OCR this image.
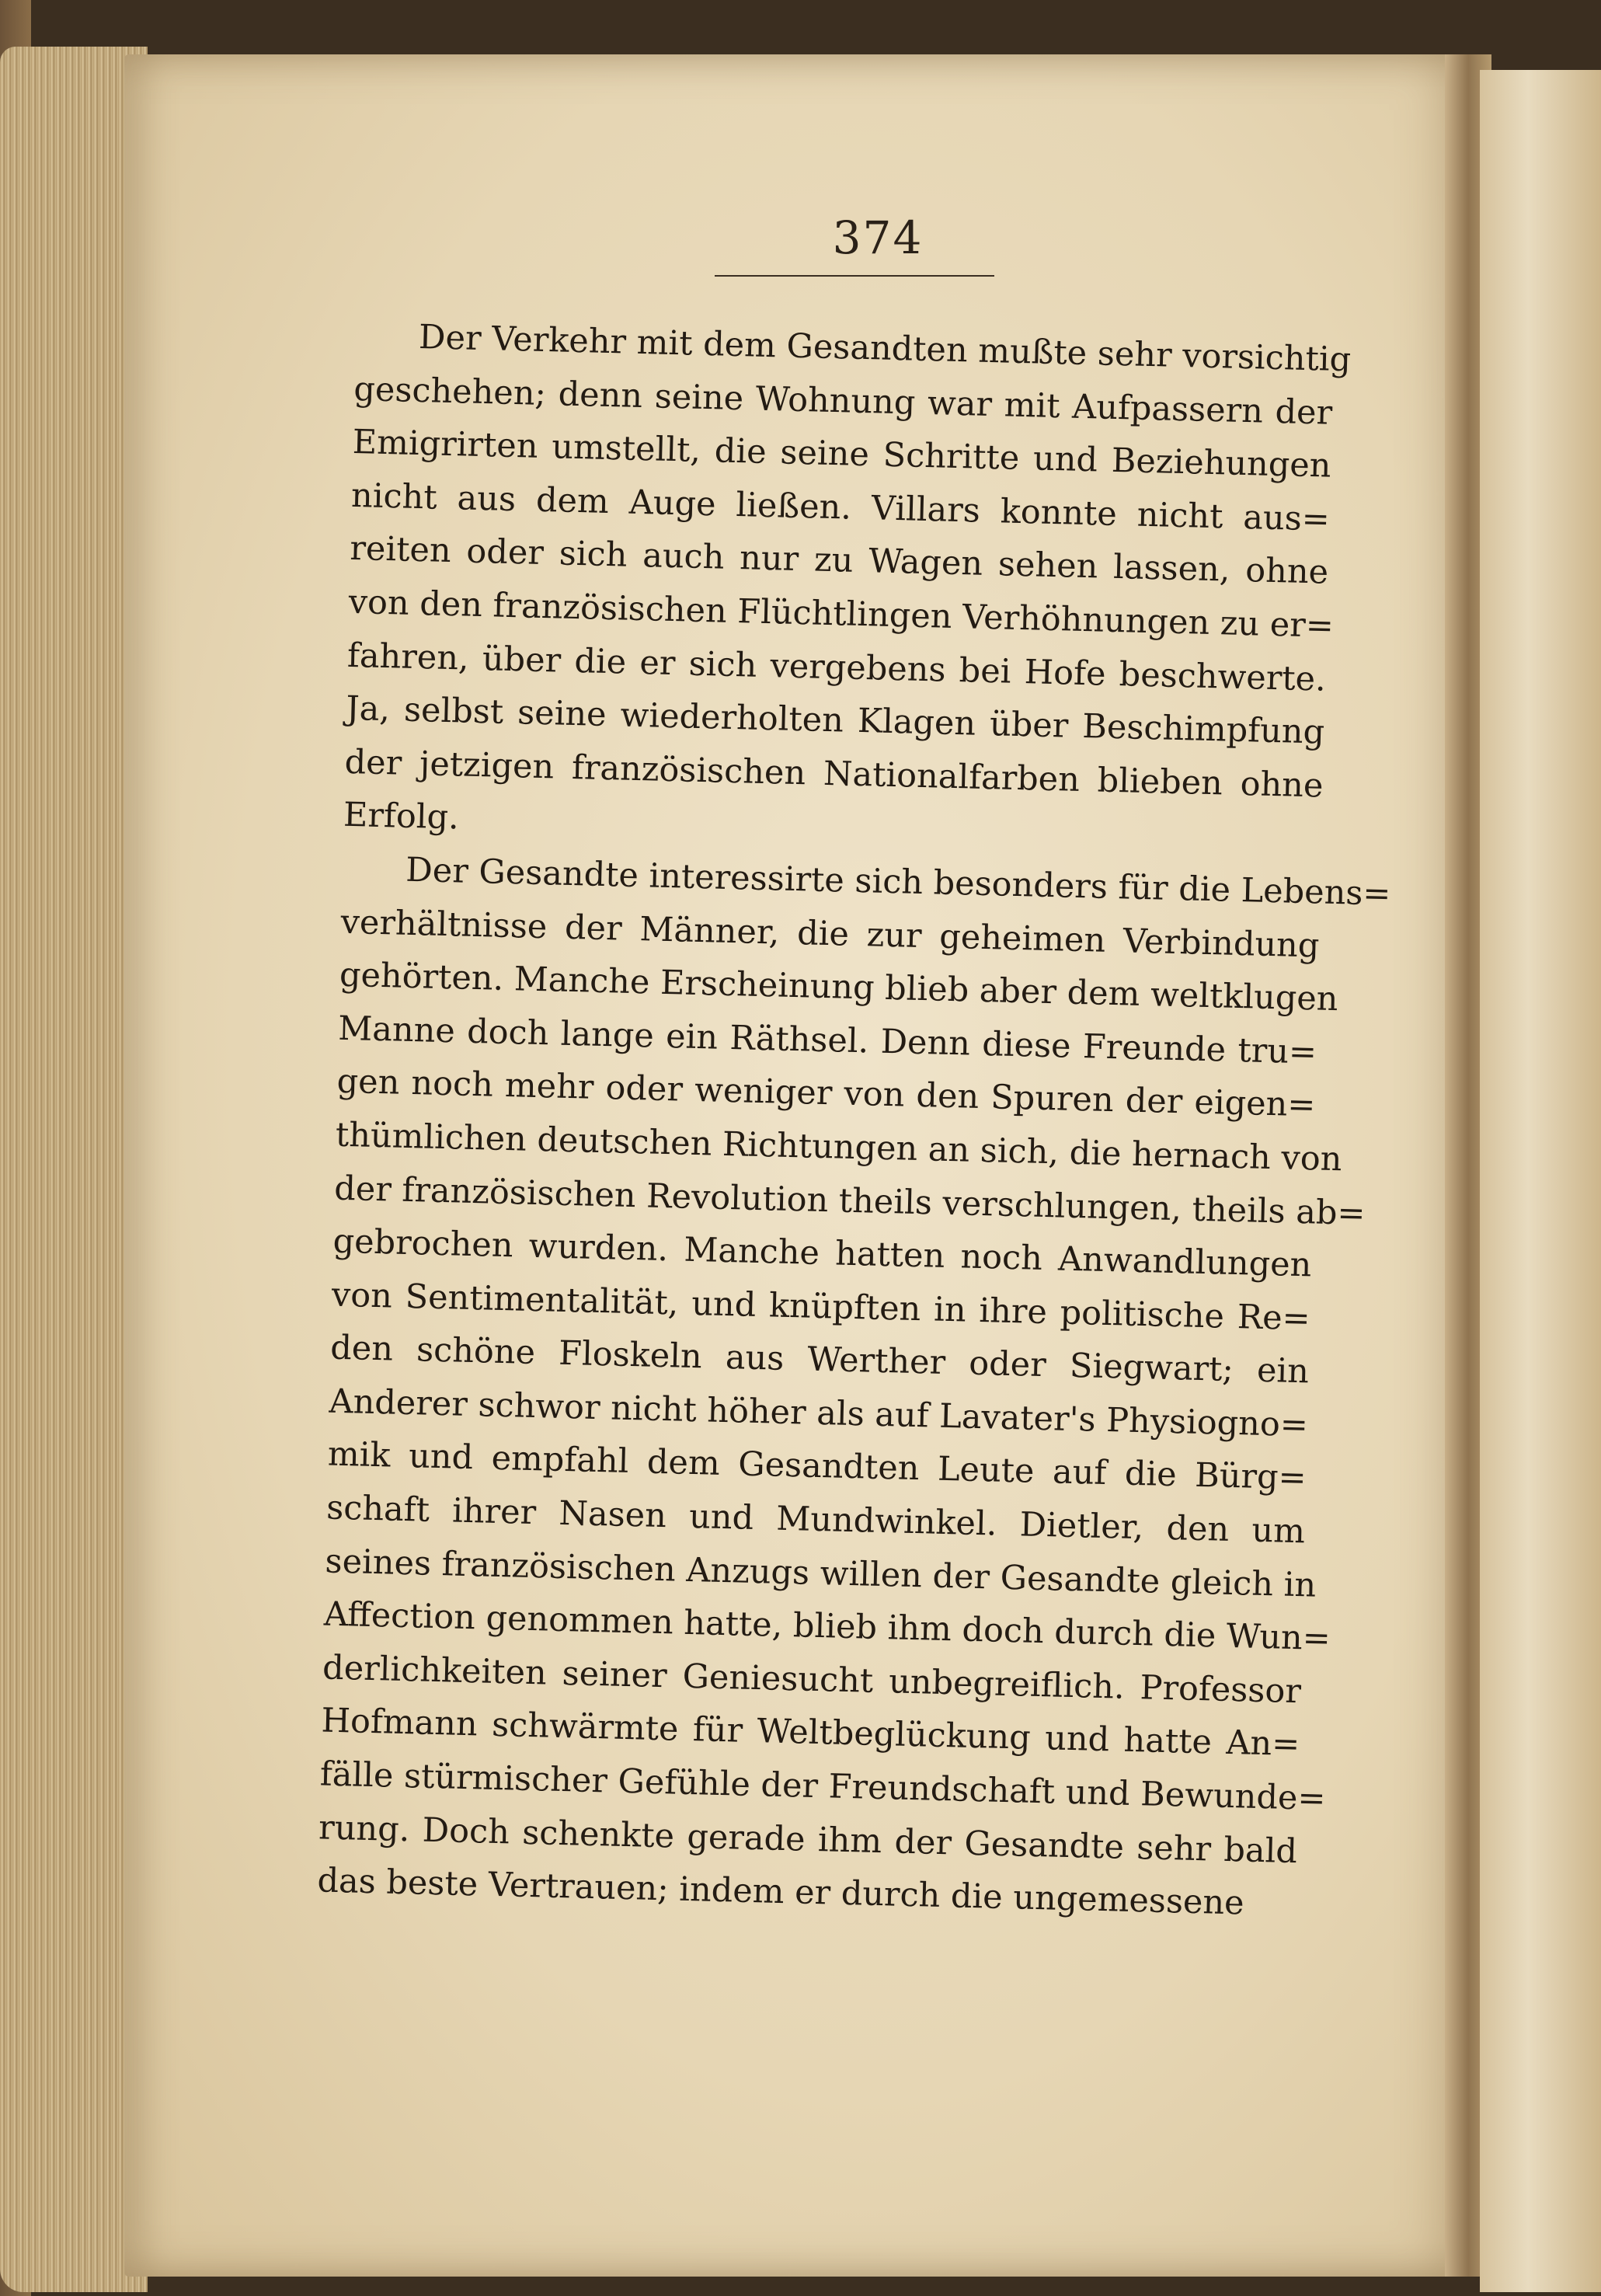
374
Der Verkehr mit dem Gesandten mußte sehr vorsichtig
geschehen; denn seine Wohnung war mit Aufpassern der
Emigrirten umstellt, die seine Schritte und Beziehungen
nicht aus dem Auge ließen. Villars konnte nicht aus=
reiten oder sich auch nur zu Wagen sehen lassen, ohne
von den französischen Flüchtlingen Verhöhnungen zu er=
fahren, über die er sich vergebens bei Hofe beschwerte.
Ja, selbst seine wiederholten Klagen über Beschimpfung
der jetzigen französischen Nationalfarben blieben ohne
Erfolg.
Der Gesandte interessirte sich besonders für die Lebens=
verhältnisse der Männer, die zur geheimen Verbindung
gehörten. Manche Erscheinung blieb aber dem weltklugen
Manne doch lange ein Räthsel. Denn diese Freunde tru=
gen noch mehr oder weniger von den Spuren der eigen=
thümlichen deutschen Richtungen an sich, die hernach von
der französischen Revolution theils verschlungen, theils ab=
gebrochen wurden. Manche hatten noch Anwandlungen
von Sentimentalität, und knüpften in ihre politische Re=
den schöne Floskeln aus Werther oder Siegwart; ein
Anderer schwor nicht höher als auf Lavater's Physiogno=
mik und empfahl dem Gesandten Leute auf die Bürg=
schaft ihrer Nasen und Mundwinkel. Dietler, den um
seines französischen Anzugs willen der Gesandte gleich in
Affection genommen hatte, blieb ihm doch durch die Wun=
derlichkeiten seiner Geniesucht unbegreiflich. Professor
Hofmann schwärmte für Weltbeglückung und hatte An=
fälle stürmischer Gefühle der Freundschaft und Bewunde=
rung. Doch schenkte gerade ihm der Gesandte sehr bald
das beste Vertrauen; indem er durch die ungemessene
